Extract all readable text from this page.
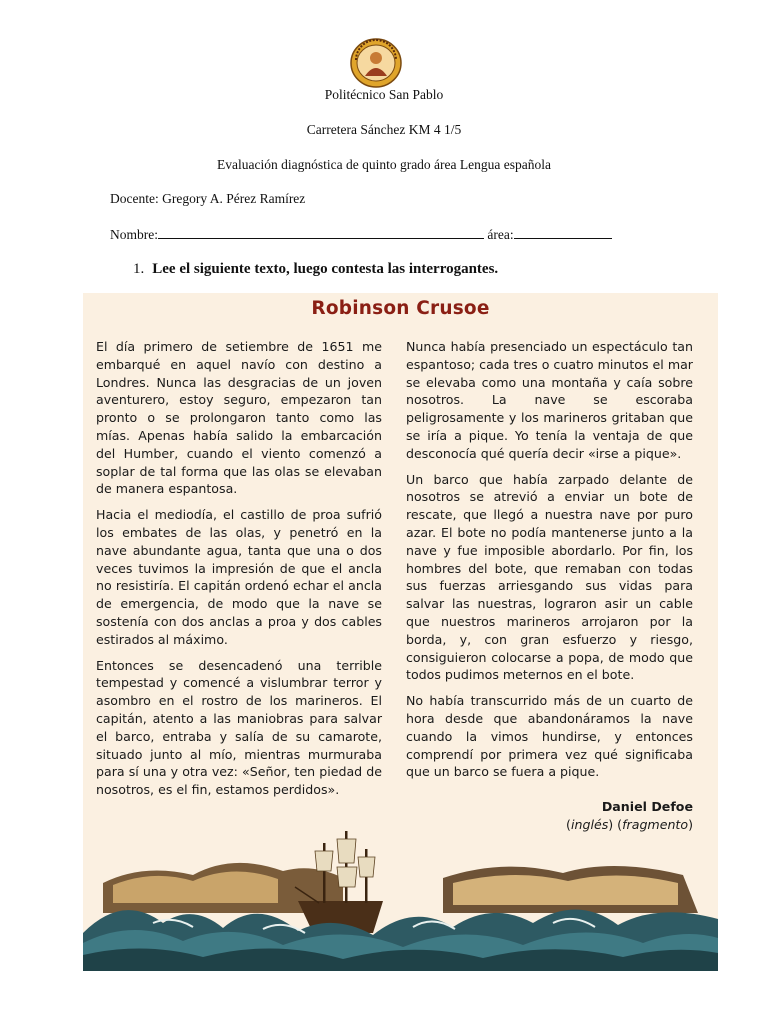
Politécnico San Pablo
Carretera Sánchez KM 4 1/5
Evaluación diagnóstica de quinto grado área Lengua española
Docente: Gregory A. Pérez Ramírez
Nombre:	área:
1. Lee el siguiente texto, luego contesta las interrogantes.
Robinson Crusoe

El día primero de setiembre de 1651 me embarqué en aquel navío con destino a Londres. Nunca las desgracias de un joven aventurero, estoy seguro, empezaron tan pronto o se prolongaron tanto como las mías. Apenas había salido la embarcación del Humber, cuando el viento comenzó a soplar de tal forma que las olas se elevaban de manera espantosa.

Hacia el mediodía, el castillo de proa sufrió los embates de las olas, y penetró en la nave abundante agua, tanta que una o dos veces tuvimos la impresión de que el ancla no resistiría. El capitán ordenó echar el ancla de emergencia, de modo que la nave se sostenía con dos anclas a proa y dos cables estirados al máximo.

Entonces se desencadenó una terrible tempestad y comencé a vislumbrar terror y asombro en el rostro de los marineros. El capitán, atento a las maniobras para salvar el barco, entraba y salía de su camarote, situado junto al mío, mientras murmuraba para sí una y otra vez: «Señor, ten piedad de nosotros, es el fin, estamos perdidos».

Nunca había presenciado un espectáculo tan espantoso; cada tres o cuatro minutos el mar se elevaba como una montaña y caía sobre nosotros. La nave se escoraba peligrosamente y los marineros gritaban que se iría a pique. Yo tenía la ventaja de que desconocía qué quería decir «irse a pique».

Un barco que había zarpado delante de nosotros se atrevió a enviar un bote de rescate, que llegó a nuestra nave por puro azar. El bote no podía mantenerse junto a la nave y fue imposible abordarlo. Por fin, los hombres del bote, que remaban con todas sus fuerzas arriesgando sus vidas para salvar las nuestras, lograron asir un cable que nuestros marineros arrojaron por la borda, y, con gran esfuerzo y riesgo, consiguieron colocarse a popa, de modo que todos pudimos meternos en el bote.

No había transcurrido más de un cuarto de hora desde que abandonáramos la nave cuando la vimos hundirse, y entonces comprendí por primera vez qué significaba que un barco se fuera a pique.

Daniel Defoe
(inglés) (fragmento)
